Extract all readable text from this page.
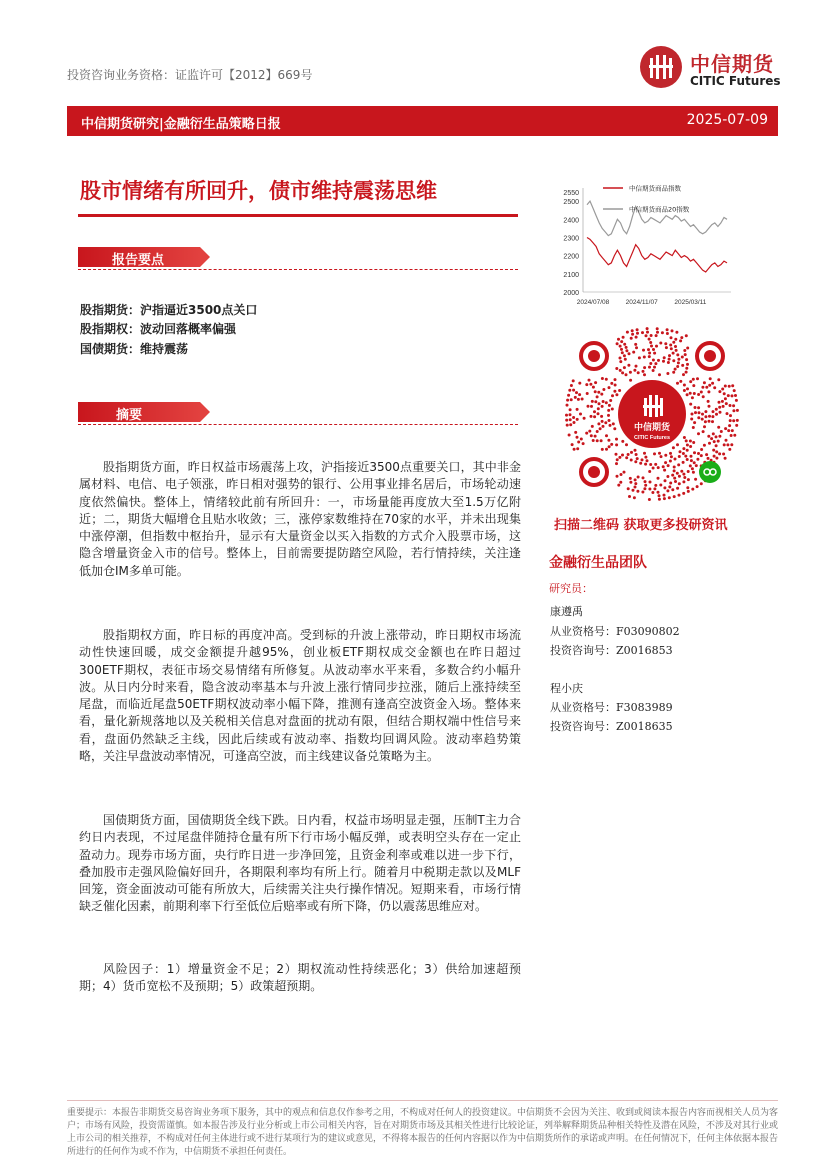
投资咨询业务资格：证监许可【2012】669号	中信期货
CITIC Futures
中信期货研究|金融衍生品策略日报	2025-07-09
股市情绪有所回升，债市维持震荡思维
报告要点
股指期货：沪指逼近3500点关口
股指期权：波动回落概率偏强
国债期货：维持震荡
摘要
股指期货方面，昨日权益市场震荡上攻，沪指接近3500点重要关口，其中非金属材料、电信、电子领涨，昨日相对强势的银行、公用事业排名居后，市场轮动速度依然偏快。整体上，情绪较此前有所回升：一，市场量能再度放大至1.5万亿附近；二，期货大幅增仓且贴水收敛；三，涨停家数维持在70家的水平，并未出现集中涨停潮，但指数中枢抬升，显示有大量资金以买入指数的方式介入股票市场，这隐含增量资金入市的信号。整体上，目前需要提防踏空风险，若行情持续，关注逢低加仓IM多单可能。
股指期权方面，昨日标的再度冲高。受到标的升波上涨带动，昨日期权市场流动性快速回暖，成交金额提升越95%，创业板ETF期权成交金额也在昨日超过300ETF期权，表征市场交易情绪有所修复。从波动率水平来看，多数合约小幅升波。从日内分时来看，隐含波动率基本与升波上涨行情同步拉涨，随后上涨持续至尾盘，而临近尾盘50ETF期权波动率小幅下降，推测有逢高空波资金入场。整体来看，量化新规落地以及关税相关信息对盘面的扰动有限，但结合期权端中性信号来看，盘面仍然缺乏主线，因此后续或有波动率、指数均回调风险。波动率趋势策略，关注早盘波动率情况，可逢高空波，而主线建议备兑策略为主。
国债期货方面，国债期货全线下跌。日内看，权益市场明显走强，压制T主力合约日内表现，不过尾盘伴随持仓量有所下行市场小幅反弹，或表明空头存在一定止盈动力。现券市场方面，央行昨日进一步净回笼，且资金利率或难以进一步下行，叠加股市走强风险偏好回升，各期限利率均有所上行。随着月中税期走款以及MLF回笼，资金面波动可能有所放大，后续需关注央行操作情况。短期来看，市场行情缺乏催化因素，前期利率下行至低位后赔率或有所下降，仍以震荡思维应对。
风险因子：1）增量资金不足；2）期权流动性持续恶化；3）供给加速超预期；4）货币宽松不及预期；5）政策超预期。
2000
2100
2200
2300
2400
2500
2550
2024/07/08	2024/11/07	2025/03/11
中信期货商品指数
中信期货商品20指数
中信期货
CITIC Futures
扫描二维码 获取更多投研资讯
金融衍生品团队
研究员：
康遵禹
从业资格号：F03090802
投资咨询号：Z0016853
程小庆
从业资格号：F3083989
投资咨询号：Z0018635
重要提示：本报告非期货交易咨询业务项下服务，其中的观点和信息仅作参考之用，不构成对任何人的投资建议。中信期货不会因为关注、收到或阅读本报告内容而视相关人员为客户；市场有风险，投资需谨慎。如本报告涉及行业分析或上市公司相关内容，旨在对期货市场及其相关性进行比较论证，列举解释期货品种相关特性及潜在风险，不涉及对其行业或上市公司的相关推荐，不构成对任何主体进行或不进行某项行为的建议或意见，不得将本报告的任何内容据以作为中信期货所作的承诺或声明。在任何情况下，任何主体依据本报告所进行的任何作为或不作为，中信期货不承担任何责任。
